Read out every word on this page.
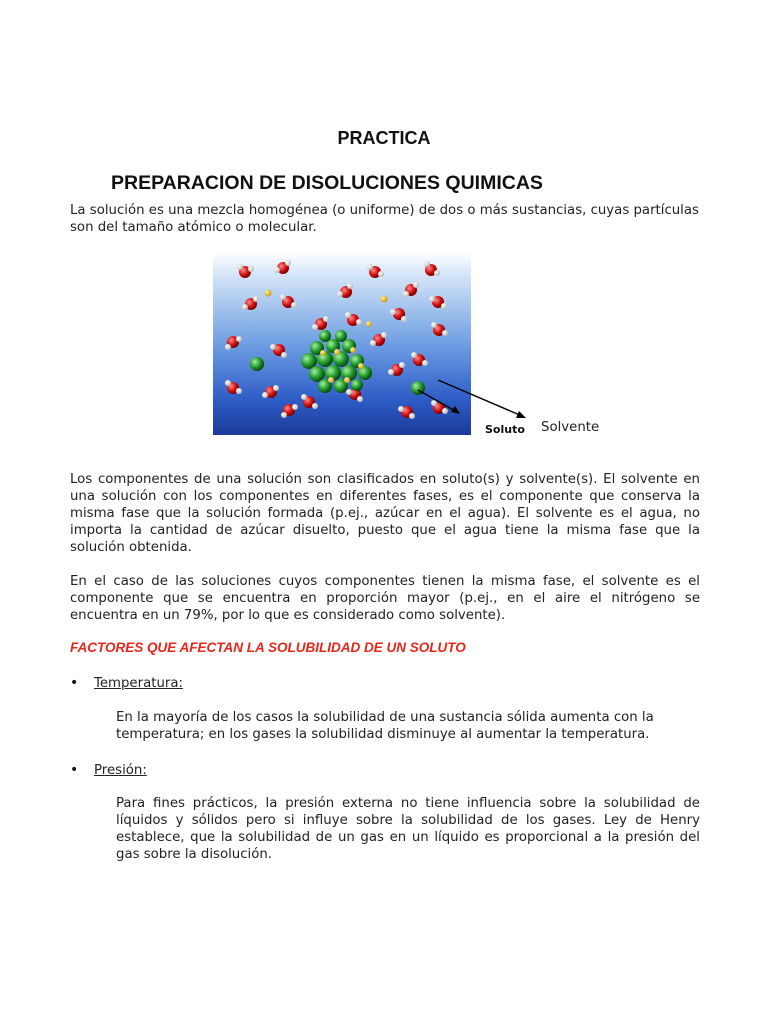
PRACTICA
PREPARACION DE DISOLUCIONES QUIMICAS
La solución es una mezcla homogénea (o uniforme) de dos o más sustancias, cuyas partículas son del tamaño atómico o molecular.
Soluto Solvente
Los componentes de una solución son clasificados en soluto(s) y solvente(s). El solvente en una solución con los componentes en diferentes fases, es el componente que conserva la misma fase que la solución formada (p.ej., azúcar en el agua). El solvente es el agua, no importa la cantidad de azúcar disuelto, puesto que el agua tiene la misma fase que la solución obtenida.
En el caso de las soluciones cuyos componentes tienen la misma fase, el solvente es el componente que se encuentra en proporción mayor (p.ej., en el aire el nitrógeno se encuentra en un 79%, por lo que es considerado como solvente).
FACTORES QUE AFECTAN LA SOLUBILIDAD DE UN SOLUTO
• Temperatura:
En la mayoría de los casos la solubilidad de una sustancia sólida aumenta con la temperatura; en los gases la solubilidad disminuye al aumentar la temperatura.
• Presión:
Para fines prácticos, la presión externa no tiene influencia sobre la solubilidad de líquidos y sólidos pero si influye sobre la solubilidad de los gases. Ley de Henry establece, que la solubilidad de un gas en un líquido es proporcional a la presión del gas sobre la disolución.
